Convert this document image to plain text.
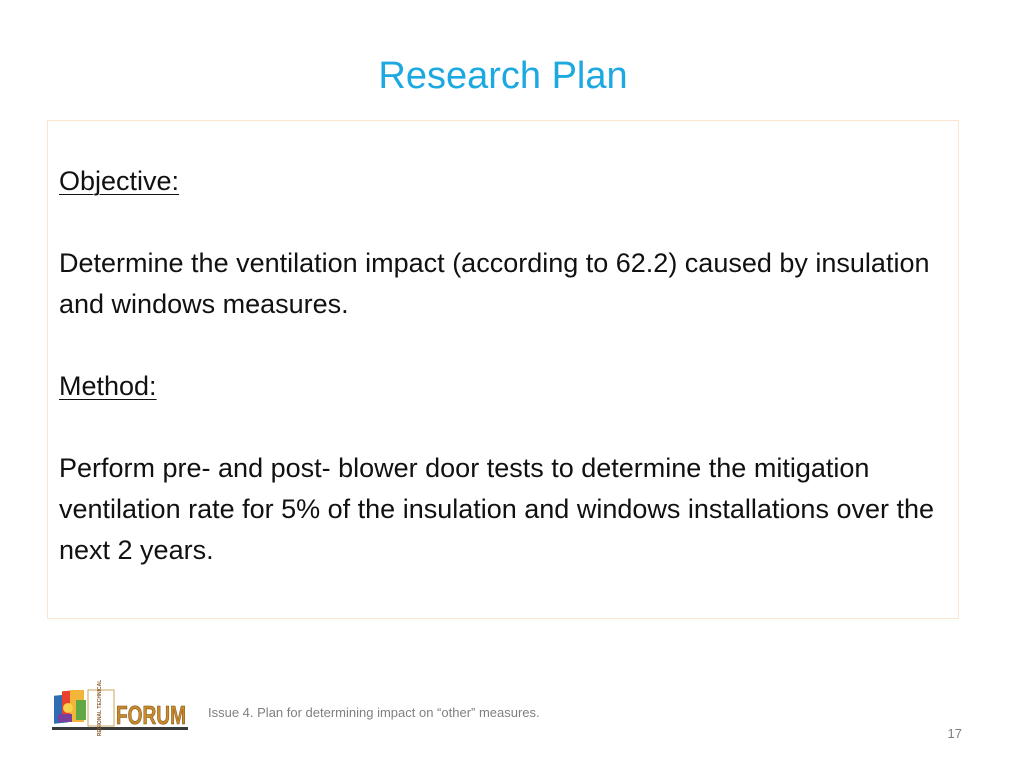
Research Plan

Objective:

Determine the ventilation impact (according to 62.2) caused by insulation and windows measures.

Method:

Perform pre- and post- blower door tests to determine the mitigation ventilation rate for 5% of the insulation and windows installations over the next 2 years.

REGIONAL TECHNICAL FORUM Issue 4. Plan for determining impact on “other” measures.
17
